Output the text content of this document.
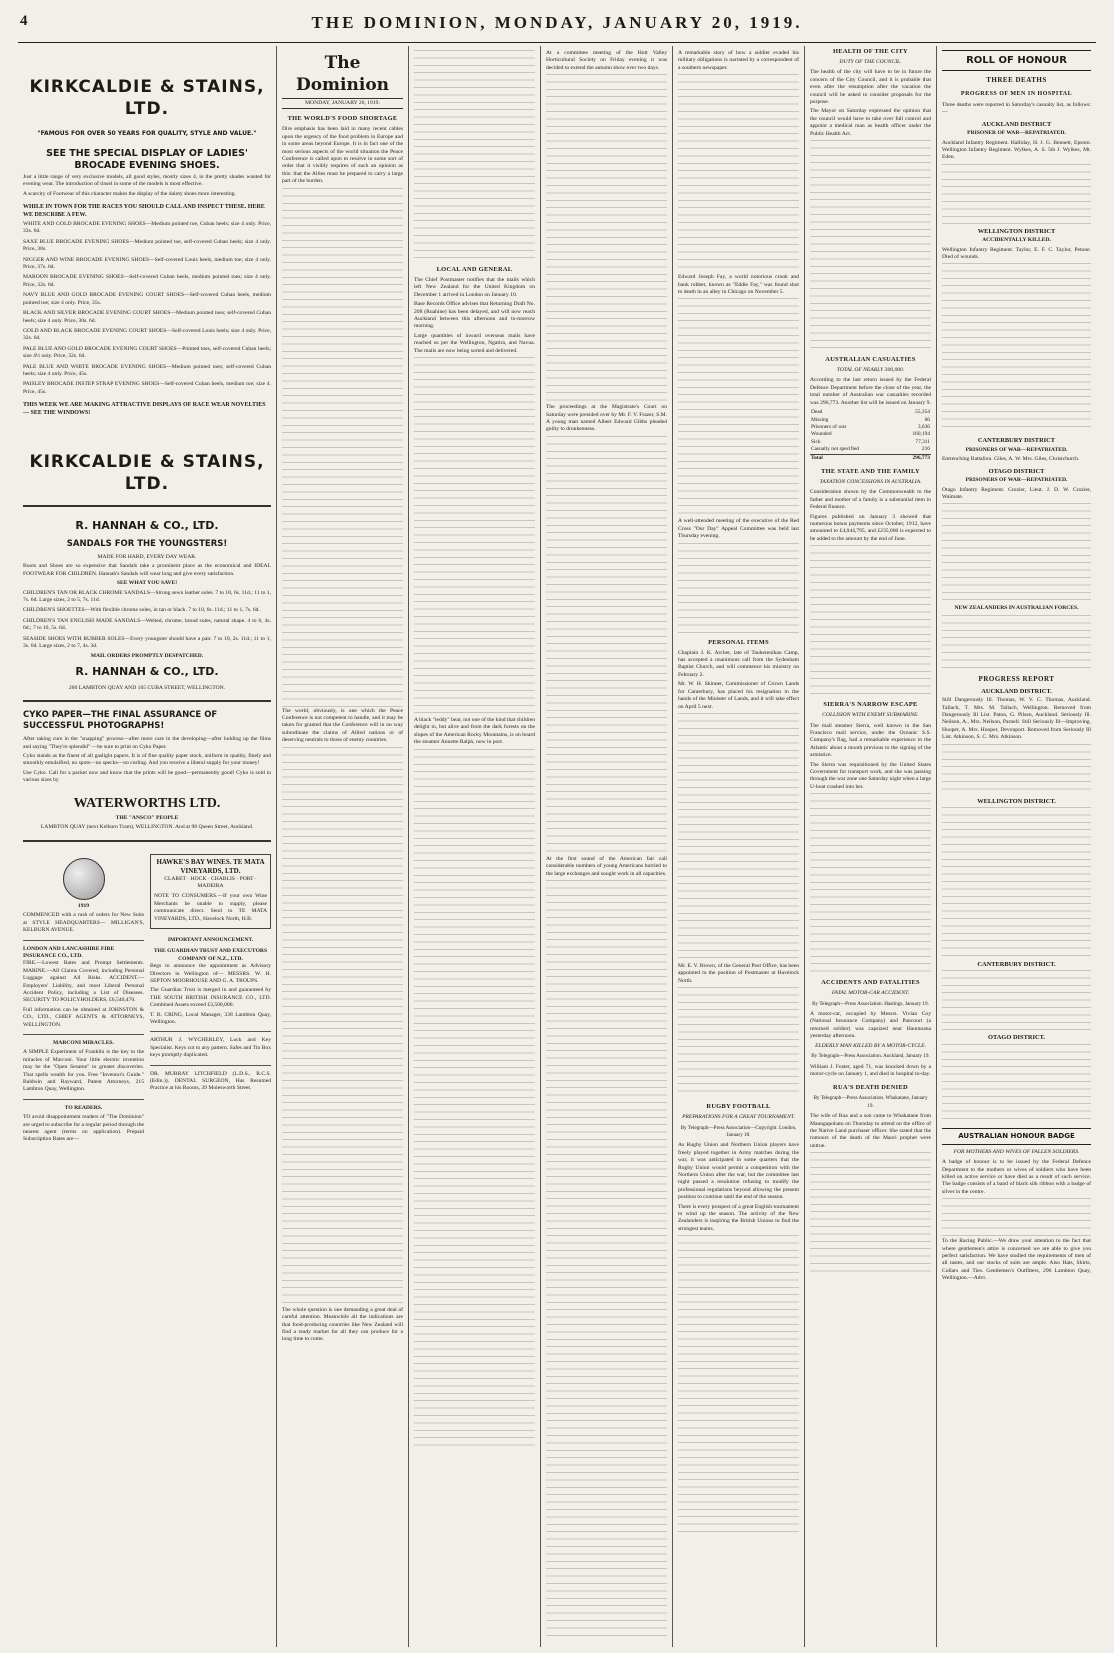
4	THE DOMINION, MONDAY, JANUARY 20, 1919.
KIRKCALDIE & STAINS, LTD.
"FAMOUS FOR OVER 50 YEARS FOR QUALITY, STYLE AND VALUE."
SEE THE SPECIAL DISPLAY OF LADIES' BROCADE EVENING SHOES.

Just a little range of very exclusive models, all good styles, mostly sizes 4, in the pretty shades wanted for evening wear. The introduction of tinsel in some of the models is most effective.

A scarcity of Footwear of this character makes the display of the dainty shoes more interesting.

WHILE IN TOWN FOR THE RACES YOU SHOULD CALL AND INSPECT THESE. HERE WE DESCRIBE A FEW.

WHITE AND GOLD BROCADE EVENING SHOES—Medium pointed toe, Cuban heels; size 4 only. Price, 33s. 6d.

SAXE BLUE BROCADE EVENING SHOES—Medium pointed toe, self-covered Cuban heels; size 4 only. Price, 30s.

NIGGER AND WINE BROCADE EVENING SHOES—Self-covered Louis heels, medium toe; size 4 only. Price, 37s. 6d.

MAROON BROCADE EVENING SHOES—Self-covered Cuban heels, medium pointed toes; size 4 only. Price, 32s. 6d.

NAVY BLUE AND GOLD BROCADE EVENING COURT SHOES—Self-covered Cuban heels, medium pointed toe; size 4 only. Price, 35s.

BLACK AND SILVER BROCADE EVENING COURT SHOES—Medium pointed toes; self-covered Cuban heels; size 4 only. Price, 30s. 6d.

GOLD AND BLACK BROCADE EVENING COURT SHOES—Self-covered Louis heels; size 4 only. Price, 32s. 6d.

PALE BLUE AND GOLD BROCADE EVENING COURT SHOES—Pointed toes, self-covered Cuban heels; size 4½ only. Price, 32s. 6d.

PALE BLUE AND WHITE BROCADE EVENING SHOES—Medium pointed toes; self-covered Cuban heels; size 4 only. Price, 45s.

PAISLEY BROCADE INSTEP STRAP EVENING SHOES—Self-covered Cuban heels, medium toe; size 4. Price, 45s.

THIS WEEK WE ARE MAKING ATTRACTIVE DISPLAYS OF RACE WEAR NOVELTIES— SEE THE WINDOWS!
KIRKCALDIE & STAINS, LTD.
R. HANNAH & CO., LTD.
SANDALS FOR THE YOUNGSTERS!
MADE FOR HARD, EVERY DAY WEAR.

Boots and Shoes are so expensive that Sandals take a prominent place as the economical and IDEAL FOOTWEAR FOR CHILDREN. Hannah's Sandals will wear long and give every satisfaction.

SEE WHAT YOU SAVE!

CHILDREN'S TAN OR BLACK CHROME SANDALS—Strong sewn leather soles. 7 to 10, 6s. 11d.; 11 to 1, 7s. 6d. Large sizes, 2 to 5, 7s. 11d.

CHILDREN'S SHOETTES—With flexible chrome soles, in tan or black. 7 to 10, 6s. 11d.; 11 to 1, 7s. 6d.

CHILDREN'S TAN ENGLISH MADE SANDALS—Welted, chrome, broad soles, natural shape. 4 to 6, 4s. 6d.; 7 to 10, 5s. 6d.

SEASIDE SHOES WITH RUBBER SOLES—Every youngster should have a pair. 7 to 10, 2s. 11d.; 11 to 1, 3s. 6d. Large sizes, 2 to 7, 4s. 3d.

MAIL ORDERS PROMPTLY DESPATCHED.
R. HANNAH & CO., LTD.
260 LAMBTON QUAY AND 165 CUBA STREET, WELLINGTON.
CYKO PAPER—THE FINAL ASSURANCE OF SUCCESSFUL PHOTOGRAPHS!

After taking cure in the "snapping" process—after more care in the developing—after holding up the films and saying "They're splendid" —be sure to print on Cyko Paper.

Cyko stands as the finest of all gaslight papers. It is of fine quality paper stock, uniform in quality, finely and smoothly emulsified, no spots—no specks—no curling. And you receive a liberal supply for your money!

Use Cyko. Call for a packet now and know that the prints will be good—permanently good! Cyko is sold in various sizes by

WATERWORTHS LTD.
THE "ANSCO" PEOPLE
LAMBTON QUAY (next Kelburn Tram), WELLINGTON. And at 98 Queen Street, Auckland.
1919

COMMENCED with a rush of orders for New Suits at STYLE HEADQUARTERS— MILLIGAN'S, KELBURN AVENUE.

LONDON AND LANCASHIRE FIRE INSURANCE CO., LTD.

FIRE.—Lowest Rates and Prompt Settlements. MARINE.—All Claims Covered, including Personal Luggage against All Risks. ACCIDENT.—Employers' Liability, and most Liberal Personal Accident Policy, including a List of Diseases. SECURITY TO POLICYHOLDERS, £6,540,470.

Full information can be obtained at JOHNSTON & CO., LTD., CHIEF AGENTS & ATTORNEYS, WELLINGTON.

MARCONI MIRACLES.

A SIMPLE Experiment of Franklin is the key to the miracles of Marconi. Your little electric invention may be the "Open Sesame" to greater discoveries. That spells wealth for you. Free "Inventor's Guide." Baldwin and Rayward, Patent Attorneys, 215 Lambton Quay, Wellington.

TO READERS.

TO avoid disappointment readers of "The Dominion" are urged to subscribe for a regular period through the nearest agent (terms on application). Prepaid Subscription Rates are—

HAWKE'S BAY WINES. TE MATA VINEYARDS, LTD.
CLARET · HOCK · CHABLIS · PORT · MADEIRA

NOTE TO CONSUMERS.—If your own Wine Merchants be unable to supply, please communicate direct. Send to TE MATA VINEYARDS, LTD., Havelock North, H.B.

IMPORTANT ANNOUNCEMENT.
THE GUARDIAN TRUST AND EXECUTORS COMPANY OF N.Z., LTD.

Begs to announce the appointment as Advisory Directors in Wellington of— MESSRS. W. H. SEPTON MOORHOUSE AND G. A. TROUPS.

The Guardian Trust is merged in and guaranteed by THE SOUTH BRITISH INSURANCE CO., LTD. Combined Assets exceed £3,500,000.

T. B. CRING, Local Manager, 338 Lambton Quay, Wellington.

ARTHUR J. WYCHERLEY, Lock and Key Specialist. Keys cut to any pattern. Safes and Tin Box keys promptly duplicated.

DR. MURRAY LITCHFIELD (L.D.S., R.C.S. (Edin.)), DENTAL SURGEON, Has Resumed Practice at his Rooms, 39 Molesworth Street.

The Dominion
MONDAY, JANUARY 20, 1919.
THE WORLD'S FOOD SHORTAGE

Dire emphasis has been laid in many recent cables upon the urgency of the food problem in Europe and in some areas beyond Europe. It is in fact one of the most serious aspects of the world situation the Peace Conference is called upon to resolve in some sort of order that it visibly requires of such an opinion as this: that the Allies must be prepared to carry a large part of the burden.

The world, obviously, is one which the Peace Conference is not competent to handle, and it may be taken for granted that the Conference will in no way subordinate the claims of Allied nations or of deserving neutrals to those of enemy countries.

The whole question is one demanding a great deal of careful attention. Meanwhile all the indications are that food-producing countries like New Zealand will find a ready market for all they can produce for a long time to come.

LOCAL AND GENERAL

The Chief Postmaster notifies that the mails which left New Zealand for the United Kingdom on December 1 arrived in London on January 10.

Base Records Office advises that Returning Draft No. 208 (Ruahine) has been delayed, and will now reach Auckland between this afternoon and to-morrow morning.

Large quantities of inward overseas mails have reached us per the Wellington, Ngatira, and Navua. The mails are now being sorted and delivered.

A black "teddy" bear, not one of the kind that children delight in, but alive and from the dark forests on the slopes of the American Rocky Mountains, is on board the steamer Annette Ralph, now in port.

At a committee meeting of the Hutt Valley Horticultural Society on Friday evening it was decided to extend the autumn show over two days.

The proceedings at the Magistrate's Court on Saturday were presided over by Mr. F. V. Frazer, S.M. A young man named Albert Edward Gibbs pleaded guilty to drunkenness.

At the first sound of the American fair call considerable numbers of young Americans hurried to the large exchanges and sought work in all capacities.

A remarkable story of how a soldier evaded his military obligations is narrated by a correspondent of a southern newspaper.

Edward Joseph Fay, a world notorious crook and bank robber, known as "Eddie Fay," was found shot to death in an alley in Chicago on November 5.

A well-attended meeting of the executive of the Red Cross "Our Day" Appeal Committee was held last Thursday evening.

PERSONAL ITEMS

Chaplain J. K. Archer, late of Tauherenikau Camp, has accepted a unanimous call from the Sydenham Baptist Church, and will commence his ministry on February 2.

Mr. W. H. Skinner, Commissioner of Crown Lands for Canterbury, has placed his resignation in the hands of the Minister of Lands, and it will take effect on April 5 next.

Mr. E. V. Brown, of the General Post Office, has been appointed to the position of Postmaster at Havelock North.

RUGBY FOOTBALL
PREPARATIONS FOR A GREAT TOURNAMENT.
By Telegraph—Press Association—Copyright. London, January 18.

As Rugby Union and Northern Union players have freely played together in Army matches during the war, it was anticipated in some quarters that the Rugby Union would permit a competition with the Northern Union after the war, but the committee last night passed a resolution refusing to modify the professional regulations beyond allowing the present position to continue until the end of the season.

There is every prospect of a great English tournament to wind up the season. The activity of the New Zealanders is inspiring the British Unions to find the strongest teams.

HEALTH OF THE CITY
DUTY OF THE COUNCIL.

The health of the city will have to be in future the concern of the City Council, and it is probable that even after the resumption after the vacation the council will be asked to consider proposals for the purpose.

The Mayor on Saturday expressed the opinion that the council would have to take over full control and appoint a medical man as health officer under the Public Health Act.

AUSTRALIAN CASUALTIES
TOTAL OF NEARLY 300,000.

According to the last return issued by the Federal Defence Department before the close of the year, the total number of Australian war casualties recorded was 296,773. Another list will be issued on January 9.

Dead	55,354
Missing	66
Prisoners of war	3,636
Wounded	160,194
Sick	77,311
Casualty not specified	216
Total	296,773
THE STATE AND THE FAMILY
TAXATION CONCESSIONS IN AUSTRALIA.

Consideration shown by the Commonwealth to the father and mother of a family is a substantial item in Federal finance.

Figures published on January 3 showed that numerous bonus payments since October, 1912, have amounted to £4,044,795, and £235,000 is expected to be added to the amount by the end of June.

SIERRA'S NARROW ESCAPE
COLLISION WITH ENEMY SUBMARINE.

The mail steamer Sierra, well known in the San Francisco mail service, under the Oceanic S.S. Company's flag, had a remarkable experience in the Atlantic about a month previous to the signing of the armistice.

The Sierra was requisitioned by the United States Government for transport work, and she was passing through the war zone one Saturday night when a large U-boat crashed into her.

ACCIDENTS AND FATALITIES
FATAL MOTOR-CAR ACCIDENT.
By Telegraph—Press Association. Hastings, January 19.

A motor-car, occupied by Messrs. Vivian Coy (National Insurance Company) and Pancourt (a returned soldier) was capsized near Haumoana yesterday afternoon.

ELDERLY MAN KILLED BY A MOTOR-CYCLE.
By Telegraph—Press Association. Auckland, January 19.

William J. Foster, aged 71, was knocked down by a motor-cycle on January 1, and died in hospital to-day.

RUA'S DEATH DENIED
By Telegraph—Press Association. Whakatane, January 19.

The wife of Rua and a son came to Whakatane from Maungapohatu on Thursday to attend on the office of the Native Land purchaser officer. She stated that the rumours of the death of the Maori prophet were untrue.

ROLL OF HONOUR
THREE DEATHS
PROGRESS OF MEN IN HOSPITAL

Three deaths were reported in Saturday's casualty list, as follows:—

AUCKLAND DISTRICT
PRISONER OF WAR—REPATRIATED.

Auckland Infantry Regiment. Halliday, H. J. G. Bennett, Epsom. Wellington Infantry Regiment. Wylkes, A. S. 5th J. Wylkes, Mt. Eden.

WELLINGTON DISTRICT
ACCIDENTALLY KILLED.

Wellington Infantry Regiment. Taylor, E. F. C. Taylor, Petone. Died of wounds.

CANTERBURY DISTRICT
PRISONERS OF WAR—REPATRIATED.

Entrenching Battalion. Giles, A. W. Mrs. Giles, Christchurch.

OTAGO DISTRICT
PRISONERS OF WAR—REPATRIATED.

Otago Infantry Regiment. Crozier, Lieut. J. D. W. Crozier, Waimate.

NEW ZEALANDERS IN AUSTRALIAN FORCES.
PROGRESS REPORT
AUCKLAND DISTRICT.

Still Dangerously Ill. Thomas, W. V. C. Thomas, Auckland. Tallach, T. Mrs. M. Tallach, Wellington. Removed from Dangerously Ill List. Paton, G. Pilsen, Auckland. Seriously Ill. Neilson, A., Mrs. Neilson, Parnell. Still Seriously Ill—Improving. Hooper, A. Mrs. Hooper, Devonport. Removed from Seriously Ill List. Atkinson, S. C. Mrs. Atkinson.

WELLINGTON DISTRICT.
CANTERBURY DISTRICT.
OTAGO DISTRICT.
AUSTRALIAN HONOUR BADGE
FOR MOTHERS AND WIVES OF FALLEN SOLDIERS.

A badge of honour is to be issued by the Federal Defence Department to the mothers or wives of soldiers who have been killed on active service or have died as a result of such service. The badge consists of a band of black silk ribbon with a badge of silver in the centre.

To the Racing Public.—We draw your attention to the fact that where gentlemen's attire is concerned we are able to give you perfect satisfaction. We have studied the requirements of men of all tastes, and our stocks of suits are ample. Also Hats, Shirts, Collars and Ties. Gentlemen's Outfitters, 296 Lambton Quay, Wellington.—Advt.
